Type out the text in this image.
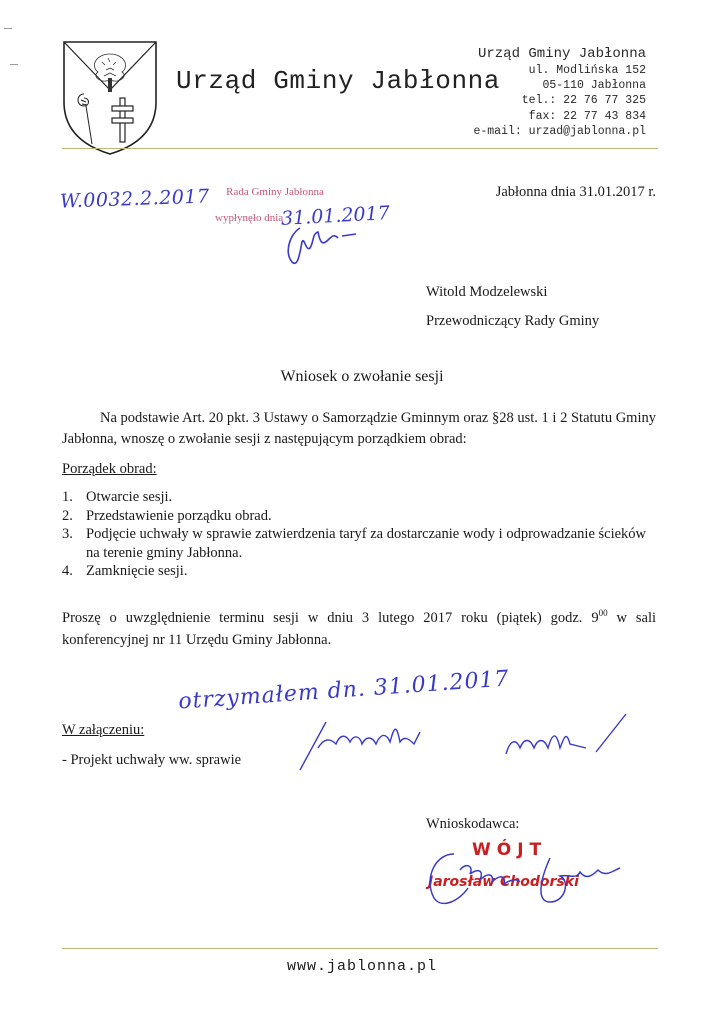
Urząd Gminy Jabłonna
Urząd Gminy Jabłonna
ul. Modlińska 152
05-110 Jabłonna
tel.: 22 76 77 325
fax: 22 77 43 834
e-mail: urzad@jablonna.pl
W.0032.2.2017	Rada Gminy Jabłonna
wypłynęło dnia
31.01.2017
Jabłonna dnia 31.01.2017 r.
Witold Modzelewski
Przewodniczący Rady Gminy
Wniosek o zwołanie sesji
Na podstawie Art. 20 pkt. 3 Ustawy o Samorządzie Gminnym oraz §28 ust. 1 i 2 Statutu Gminy Jabłonna, wnoszę o zwołanie sesji z następującym porządkiem obrad:
Porządek obrad:
1. Otwarcie sesji.
2. Przedstawienie porządku obrad.
3. Podjęcie uchwały w sprawie zatwierdzenia taryf za dostarczanie wody i odprowadzanie ścieków na terenie gminy Jabłonna.
4. Zamknięcie sesji.
Proszę o uwzględnienie terminu sesji w dniu 3 lutego 2017 roku (piątek) godz. $9^{00}$ w sali konferencyjnej nr 11 Urzędu Gminy Jabłonna.
otrzymałem dn. 31.01.2017
W załączeniu:
- Projekt uchwały ww. sprawie
Wnioskodawca:
WÓJT
Jarosław Chodorski
www.jablonna.pl
